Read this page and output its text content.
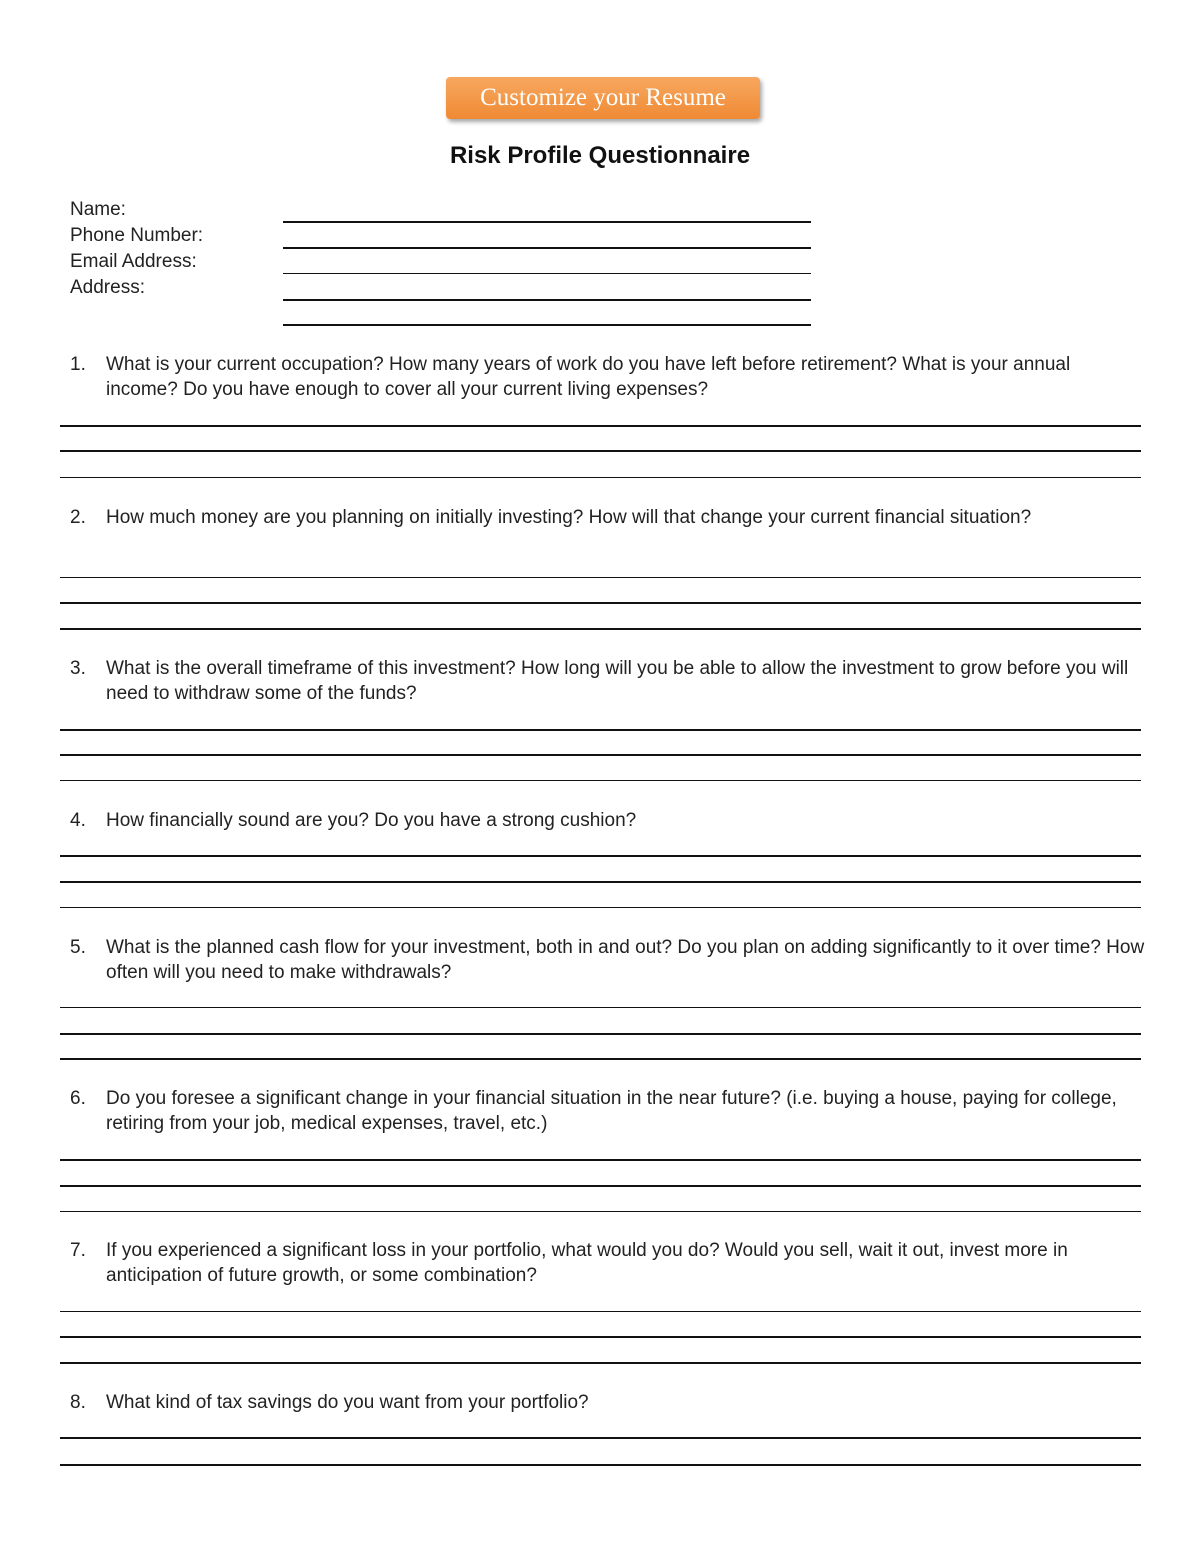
Customize your Resume
Risk Profile Questionnaire
Name:
Phone Number:
Email Address:
Address:
1.	What is your current occupation? How many years of work do you have left before retirement? What is your annual income? Do you have enough to cover all your current living expenses?
2.	How much money are you planning on initially investing? How will that change your current financial situation?
3.	What is the overall timeframe of this investment? How long will you be able to allow the investment to grow before you will need to withdraw some of the funds?
4.	How financially sound are you? Do you have a strong cushion?
5.	What is the planned cash flow for your investment, both in and out? Do you plan on adding significantly to it over time? How often will you need to make withdrawals?
6.	Do you foresee a significant change in your financial situation in the near future? (i.e. buying a house, paying for college, retiring from your job, medical expenses, travel, etc.)
7.	If you experienced a significant loss in your portfolio, what would you do? Would you sell, wait it out, invest more in anticipation of future growth, or some combination?
8.	What kind of tax savings do you want from your portfolio?
